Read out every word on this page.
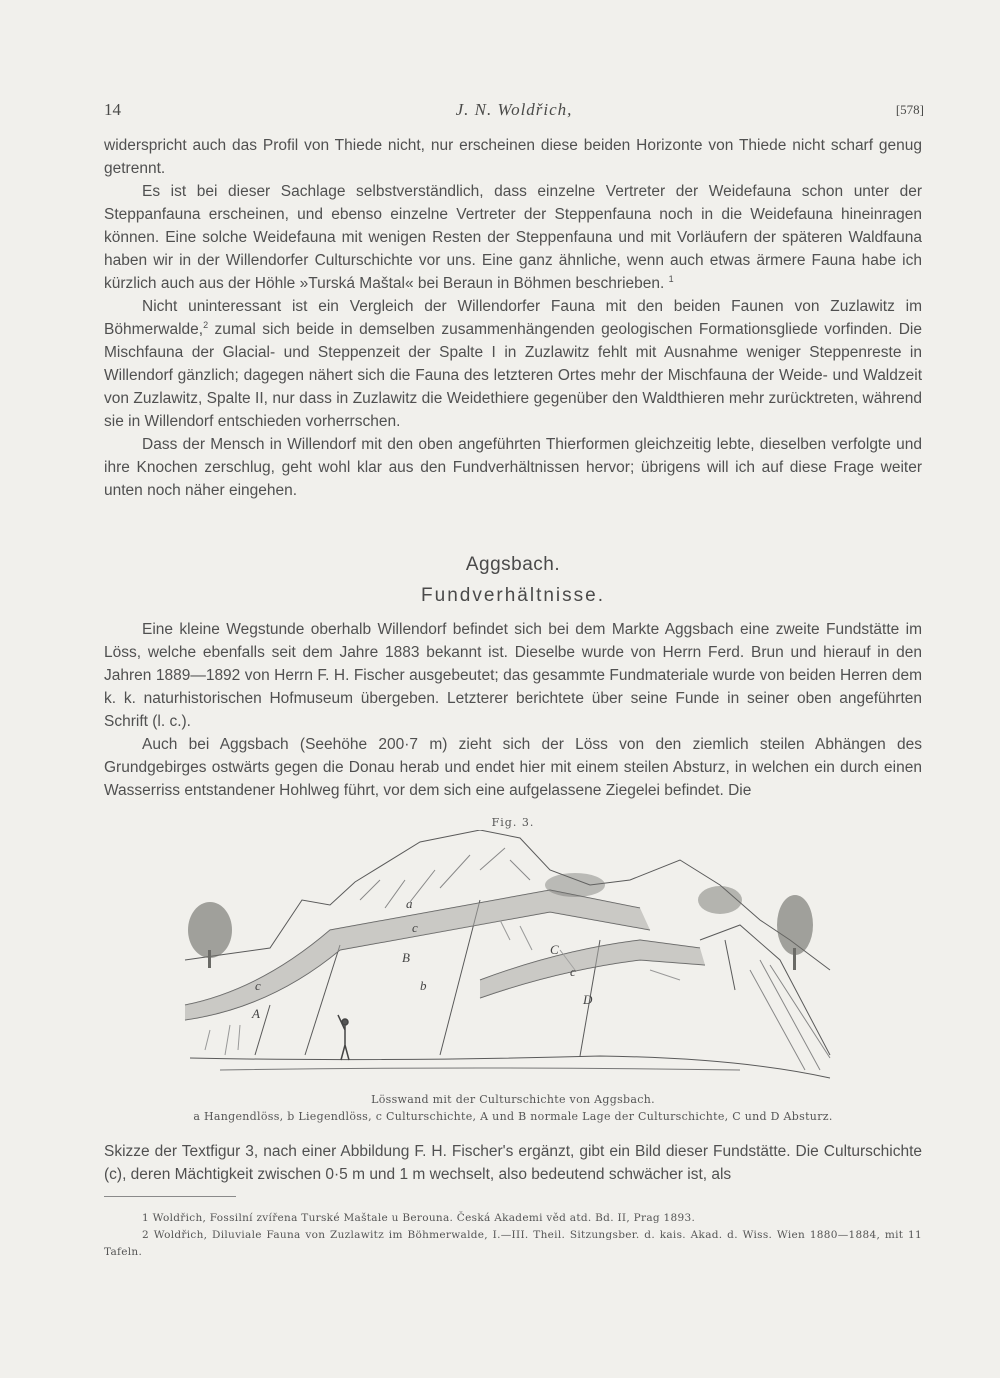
14	J. N. Woldřich,	[578]

widerspricht auch das Profil von Thiede nicht, nur erscheinen diese beiden Horizonte von Thiede nicht scharf genug getrennt.

Es ist bei dieser Sachlage selbstverständlich, dass einzelne Vertreter der Weidefauna schon unter der Steppanfauna erscheinen, und ebenso einzelne Vertreter der Steppenfauna noch in die Weidefauna hineinragen können. Eine solche Weidefauna mit wenigen Resten der Steppenfauna und mit Vorläufern der späteren Waldfauna haben wir in der Willendorfer Culturschichte vor uns. Eine ganz ähnliche, wenn auch etwas ärmere Fauna habe ich kürzlich auch aus der Höhle »Turská Maštal« bei Beraun in Böhmen beschrieben. $^1$

Nicht uninteressant ist ein Vergleich der Willendorfer Fauna mit den beiden Faunen von Zuzlawitz im Böhmerwalde,$^2$ zumal sich beide in demselben zusammenhängenden geologischen Formationsgliede vorfinden. Die Mischfauna der Glacial- und Steppenzeit der Spalte I in Zuzlawitz fehlt mit Ausnahme weniger Steppenreste in Willendorf gänzlich; dagegen nähert sich die Fauna des letzteren Ortes mehr der Mischfauna der Weide- und Waldzeit von Zuzlawitz, Spalte II, nur dass in Zuzlawitz die Weidethiere gegenüber den Waldthieren mehr zurücktreten, während sie in Willendorf entschieden vorherrschen.

Dass der Mensch in Willendorf mit den oben angeführten Thierformen gleichzeitig lebte, dieselben verfolgte und ihre Knochen zerschlug, geht wohl klar aus den Fundverhältnissen hervor; übrigens will ich auf diese Frage weiter unten noch näher eingehen.

Aggsbach.
Fundverhältnisse.

Eine kleine Wegstunde oberhalb Willendorf befindet sich bei dem Markte Aggsbach eine zweite Fundstätte im Löss, welche ebenfalls seit dem Jahre 1883 bekannt ist. Dieselbe wurde von Herrn Ferd. Brun und hierauf in den Jahren 1889—1892 von Herrn F. H. Fischer ausgebeutet; das gesammte Fundmateriale wurde von beiden Herren dem k. k. naturhistorischen Hofmuseum übergeben. Letzterer berichtete über seine Funde in seiner oben angeführten Schrift (l. c.).

Auch bei Aggsbach (Seehöhe 200·7 m) zieht sich der Löss von den ziemlich steilen Abhängen des Grundgebirges ostwärts gegen die Donau herab und endet hier mit einem steilen Absturz, in welchen ein durch einen Wasserriss entstandener Hohlweg führt, vor dem sich eine aufgelassene Ziegelei befindet. Die

Fig. 3.
a
c
B
b
c
A
C
c
D
Lösswand mit der Culturschichte von Aggsbach.
a Hangendlöss, b Liegendlöss, c Culturschichte, A und B normale Lage der Culturschichte, C und D Absturz.

Skizze der Textfigur 3, nach einer Abbildung F. H. Fischer's ergänzt, gibt ein Bild dieser Fundstätte. Die Culturschichte (c), deren Mächtigkeit zwischen 0·5 m und 1 m wechselt, also bedeutend schwächer ist, als

1 Woldřich, Fossilní zvířena Turské Maštale u Berouna. Česká Akademi věd atd. Bd. II, Prag 1893.

2 Woldřich, Diluviale Fauna von Zuzlawitz im Böhmerwalde, I.—III. Theil. Sitzungsber. d. kais. Akad. d. Wiss. Wien 1880—1884, mit 11 Tafeln.
